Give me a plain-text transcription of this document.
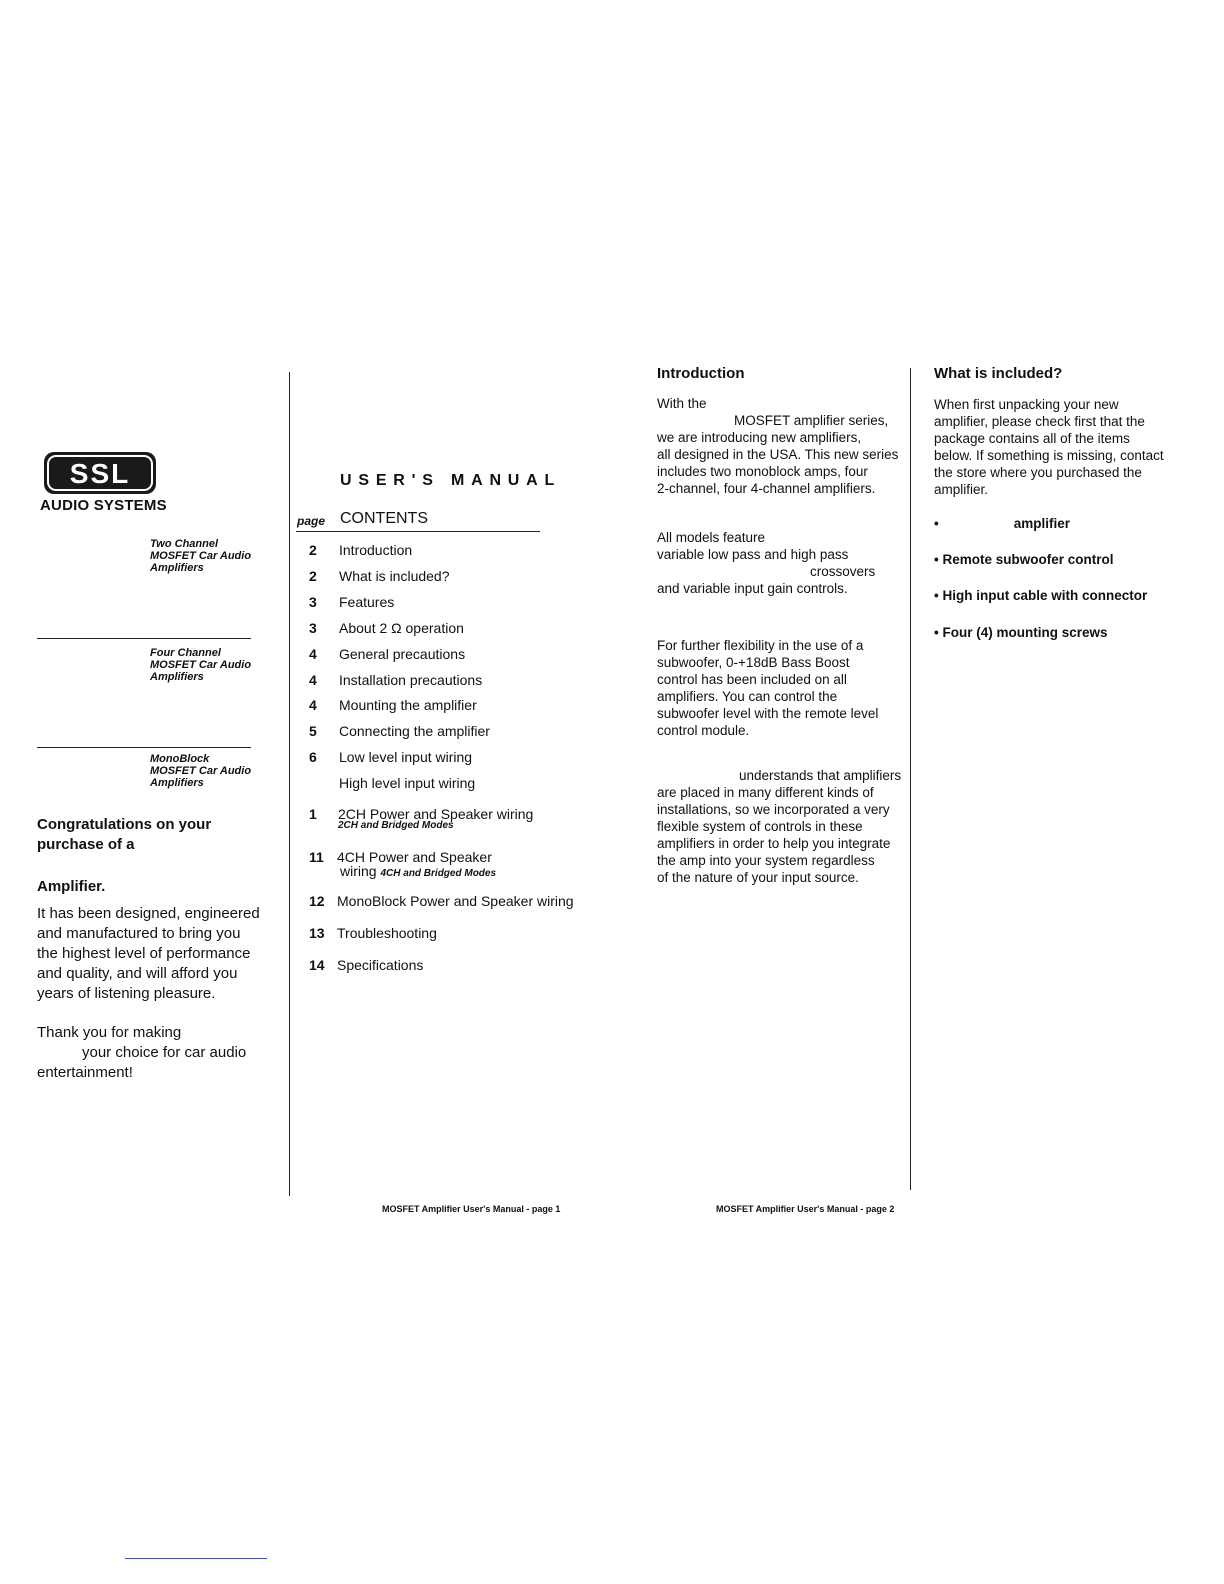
SSL
AUDIO SYSTEMS
Two Channel
MOSFET Car Audio
Amplifiers
Four Channel
MOSFET Car Audio
Amplifiers
MonoBlock
MOSFET Car Audio
Amplifiers
Congratulations on your
purchase of a
Amplifier.
It has been designed, engineered
and manufactured to bring you
the highest level of performance
and quality, and will afford you
years of listening pleasure.
Thank you for making
your choice for car audio
entertainment!
USER'S MANUAL
page CONTENTS
2 Introduction
2 What is included?
3 Features
3 About 2 Ω operation
4 General precautions
4 Installation precautions
4 Mounting the amplifier
5 Connecting the amplifier
6 Low level input wiring
High level input wiring
1 2CH Power and Speaker wiring
2CH and Bridged Modes
11 4CH Power and Speaker
wiring 4CH and Bridged Modes
12 MonoBlock Power and Speaker wiring
13 Troubleshooting
14 Specifications
MOSFET Amplifier User's Manual - page 1
Introduction
With the
MOSFET amplifier series,
we are introducing new amplifiers,
all designed in the USA. This new series
includes two monoblock amps, four
2-channel, four 4-channel amplifiers.
All models feature
variable low pass and high pass
crossovers
and variable input gain controls.
For further flexibility in the use of a
subwoofer, 0-+18dB Bass Boost
control has been included on all
amplifiers. You can control the
subwoofer level with the remote level
control module.
understands that amplifiers
are placed in many different kinds of
installations, so we incorporated a very
flexible system of controls in these
amplifiers in order to help you integrate
the amp into your system regardless
of the nature of your input source.
MOSFET Amplifier User's Manual - page 2
What is included?
When first unpacking your new
amplifier, please check first that the
package contains all of the items
below. If something is missing, contact
the store where you purchased the
amplifier.
•                    amplifier
• Remote subwoofer control
• High input cable with connector
• Four (4) mounting screws
